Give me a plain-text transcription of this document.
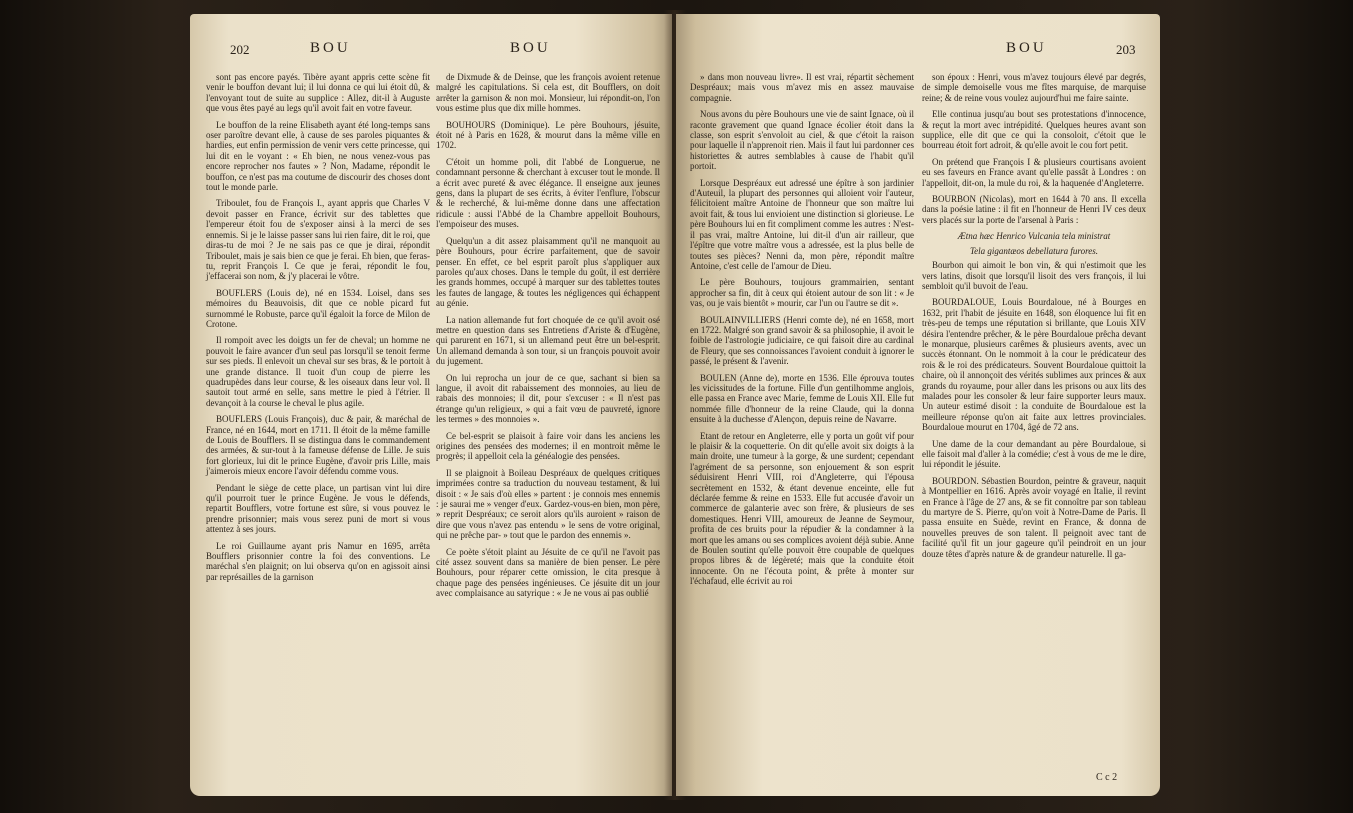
202	BOU	BOU

sont pas encore payés. Tibère ayant appris cette scène fit venir le bouffon devant lui; il lui donna ce qui lui étoit dû, & l'envoyant tout de suite au supplice : Allez, dit-il à Auguste que vous êtes payé au legs qu'il avoit fait en votre faveur.

Le bouffon de la reine Elisabeth ayant été long-temps sans oser paroître devant elle, à cause de ses paroles piquantes & hardies, eut enfin permission de venir vers cette princesse, qui lui dit en le voyant : « Eh bien, ne nous venez-vous pas encore reprocher nos fautes » ? Non, Madame, répondit le bouffon, ce n'est pas ma coutume de discourir des choses dont tout le monde parle.

Triboulet, fou de François I., ayant appris que Charles V devoit passer en France, écrivit sur des tablettes que l'empereur étoit fou de s'exposer ainsi à la merci de ses ennemis. Si je le laisse passer sans lui rien faire, dit le roi, que diras-tu de moi ? Je ne sais pas ce que je dirai, répondit Triboulet, mais je sais bien ce que je ferai. Eh bien, que feras-tu, reprit François I. Ce que je ferai, répondit le fou, j'effacerai son nom, & j'y placerai le vôtre.

BOUFLERS (Louis de), né en 1534. Loisel, dans ses mémoires du Beauvoisis, dit que ce noble picard fut surnommé le Robuste, parce qu'il égaloit la force de Milon de Crotone.

Il rompoit avec les doigts un fer de cheval; un homme ne pouvoit le faire avancer d'un seul pas lorsqu'il se tenoit ferme sur ses pieds. Il enlevoit un cheval sur ses bras, & le portoit à une grande distance. Il tuoit d'un coup de pierre les quadrupèdes dans leur course, & les oiseaux dans leur vol. Il sautoit tout armé en selle, sans mettre le pied à l'étrier. Il devançoit à la course le cheval le plus agile.

BOUFLERS (Louis François), duc & pair, & maréchal de France, né en 1644, mort en 1711. Il étoit de la même famille de Louis de Boufflers. Il se distingua dans le commandement des armées, & sur-tout à la fameuse défense de Lille. Je suis fort glorieux, lui dit le prince Eugène, d'avoir pris Lille, mais j'aimerois mieux encore l'avoir défendu comme vous.

Pendant le siège de cette place, un partisan vint lui dire qu'il pourroit tuer le prince Eugène. Je vous le défends, repartit Boufflers, votre fortune est sûre, si vous pouvez le prendre prisonnier; mais vous serez puni de mort si vous attentez à ses jours.

Le roi Guillaume ayant pris Namur en 1695, arrêta Boufflers prisonnier contre la foi des conventions. Le maréchal s'en plaignit; on lui observa qu'on en agissoit ainsi par représailles de la garnison

de Dixmude & de Deinse, que les françois avoient retenue malgré les capitulations. Si cela est, dit Boufflers, on doit arrêter la garnison & non moi. Monsieur, lui répondit-on, l'on vous estime plus que dix mille hommes.

BOUHOURS (Dominique). Le père Bouhours, jésuite, étoit né à Paris en 1628, & mourut dans la même ville en 1702.

C'étoit un homme poli, dit l'abbé de Longuerue, ne condamnant personne & cherchant à excuser tout le monde. Il a écrit avec pureté & avec élégance. Il enseigne aux jeunes gens, dans la plupart de ses écrits, à éviter l'enflure, l'obscur & le recherché, & lui-même donne dans une affectation ridicule : aussi l'Abbé de la Chambre appelloit Bouhours, l'empoiseur des muses.

Quelqu'un a dit assez plaisamment qu'il ne manquoit au père Bouhours, pour écrire parfaitement, que de savoir penser. En effet, ce bel esprit paroît plus s'appliquer aux paroles qu'aux choses. Dans le temple du goût, il est derrière les grands hommes, occupé à marquer sur des tablettes toutes les fautes de langage, & toutes les négligences qui échappent au génie.

La nation allemande fut fort choquée de ce qu'il avoit osé mettre en question dans ses Entretiens d'Ariste & d'Eugène, qui parurent en 1671, si un allemand peut être un bel-esprit. Un allemand demanda à son tour, si un françois pouvoit avoir du jugement.

On lui reprocha un jour de ce que, sachant si bien sa langue, il avoit dit rabaissement des monnoies, au lieu de rabais des monnoies; il dit, pour s'excuser : « Il n'est pas étrange qu'un religieux, » qui a fait vœu de pauvreté, ignore les termes » des monnoies ».

Ce bel-esprit se plaisoit à faire voir dans les anciens les origines des pensées des modernes; il en montroit même le progrès; il appelloit cela la généalogie des pensées.

Il se plaignoit à Boileau Despréaux de quelques critiques imprimées contre sa traduction du nouveau testament, & lui disoit : « Je sais d'où elles » partent : je connois mes ennemis : je saurai me » venger d'eux. Gardez-vous-en bien, mon père, » reprit Despréaux; ce seroit alors qu'ils auroient » raison de dire que vous n'avez pas entendu » le sens de votre original, qui ne prêche par- » tout que le pardon des ennemis ».

Ce poète s'étoit plaint au Jésuite de ce qu'il ne l'avoit pas cité assez souvent dans sa manière de bien penser. Le père Bouhours, pour réparer cette omission, le cita presque à chaque page des pensées ingénieuses. Ce jésuite dit un jour avec complaisance au satyrique : « Je ne vous ai pas oublié

BOU	203

» dans mon nouveau livre». Il est vrai, répartit sèchement Despréaux; mais vous m'avez mis en assez mauvaise compagnie.

Nous avons du père Bouhours une vie de saint Ignace, où il raconte gravement que quand Ignace écolier étoit dans la classe, son esprit s'envoloit au ciel, & que c'étoit la raison pour laquelle il n'apprenoit rien. Mais il faut lui pardonner ces historiettes & autres semblables à cause de l'habit qu'il portoit.

Lorsque Despréaux eut adressé une épître à son jardinier d'Auteuil, la plupart des personnes qui alloient voir l'auteur, félicitoient maître Antoine de l'honneur que son maître lui avoit fait, & tous lui envioient une distinction si glorieuse. Le père Bouhours lui en fit compliment comme les autres : N'est-il pas vrai, maître Antoine, lui dit-il d'un air railleur, que l'épître que votre maître vous a adressée, est la plus belle de toutes ses pièces? Nenni da, mon père, répondit maître Antoine, c'est celle de l'amour de Dieu.

Le père Bouhours, toujours grammairien, sentant approcher sa fin, dit à ceux qui étoient autour de son lit : « Je vas, ou je vais bientôt » mourir, car l'un ou l'autre se dit ».

BOULAINVILLIERS (Henri comte de), né en 1658, mort en 1722. Malgré son grand savoir & sa philosophie, il avoit le foible de l'astrologie judiciaire, ce qui faisoit dire au cardinal de Fleury, que ses connoissances l'avoient conduit à ignorer le passé, le présent & l'avenir.

BOULEN (Anne de), morte en 1536. Elle éprouva toutes les vicissitudes de la fortune. Fille d'un gentilhomme anglois, elle passa en France avec Marie, femme de Louis XII. Elle fut nommée fille d'honneur de la reine Claude, qui la donna ensuite à la duchesse d'Alençon, depuis reine de Navarre.

Etant de retour en Angleterre, elle y porta un goût vif pour le plaisir & la coquetterie. On dit qu'elle avoit six doigts à la main droite, une tumeur à la gorge, & une surdent; cependant l'agrément de sa personne, son enjouement & son esprit séduisirent Henri VIII, roi d'Angleterre, qui l'épousa secrètement en 1532, & étant devenue enceinte, elle fut déclarée femme & reine en 1533. Elle fut accusée d'avoir un commerce de galanterie avec son frère, & plusieurs de ses domestiques. Henri VIII, amoureux de Jeanne de Seymour, profita de ces bruits pour la répudier & la condamner à la mort que les amans ou ses complices avoient déjà subie. Anne de Boulen soutint qu'elle pouvoit être coupable de quelques propos libres & de légèreté; mais que la conduite étoit innocente. On ne l'écouta point, & prête à monter sur l'échafaud, elle écrivit au roi

son époux : Henri, vous m'avez toujours élevé par degrés, de simple demoiselle vous me fîtes marquise, de marquise reine; & de reine vous voulez aujourd'hui me faire sainte.

Elle continua jusqu'au bout ses protestations d'innocence, & reçut la mort avec intrépidité. Quelques heures avant son supplice, elle dit que ce qui la consoloit, c'étoit que le bourreau étoit fort adroit, & qu'elle avoit le cou fort petit.

On prétend que François I & plusieurs courtisans avoient eu ses faveurs en France avant qu'elle passât à Londres : on l'appelloit, dit-on, la mule du roi, & la haquenée d'Angleterre.

BOURBON (Nicolas), mort en 1644 à 70 ans. Il excella dans la poésie latine : il fit en l'honneur de Henri IV ces deux vers placés sur la porte de l'arsenal à Paris :

Ætna hæc Henrico Vulcania tela ministrat

Tela gigantæos debellatura furores.

Bourbon qui aimoit le bon vin, & qui n'estimoit que les vers latins, disoit que lorsqu'il lisoit des vers françois, il lui sembloit qu'il buvoit de l'eau.

BOURDALOUE, Louis Bourdaloue, né à Bourges en 1632, prit l'habit de jésuite en 1648, son éloquence lui fit en très-peu de temps une réputation si brillante, que Louis XIV désira l'entendre prêcher, & le père Bourdaloue prêcha devant le monarque, plusieurs carêmes & plusieurs avents, avec un succès étonnant. On le nommoit à la cour le prédicateur des rois & le roi des prédicateurs. Souvent Bourdaloue quittoit la chaire, où il annonçoit des vérités sublimes aux princes & aux grands du royaume, pour aller dans les prisons ou aux lits des malades pour les consoler & leur faire supporter leurs maux. Un auteur estimé disoit : la conduite de Bourdaloue est la meilleure réponse qu'on ait faite aux lettres provinciales. Bourdaloue mourut en 1704, âgé de 72 ans.

Une dame de la cour demandant au père Bourdaloue, si elle faisoit mal d'aller à la comédie; c'est à vous de me le dire, lui répondit le jésuite.

BOURDON. Sébastien Bourdon, peintre & graveur, naquit à Montpellier en 1616. Après avoir voyagé en Italie, il revint en France à l'âge de 27 ans, & se fit connoître par son tableau du martyre de S. Pierre, qu'on voit à Notre-Dame de Paris. Il passa ensuite en Suède, revint en France, & donna de nouvelles preuves de son talent. Il peignoit avec tant de facilité qu'il fit un jour gageure qu'il peindroit en un jour douze têtes d'après nature & de grandeur naturelle. Il ga-

C c 2
